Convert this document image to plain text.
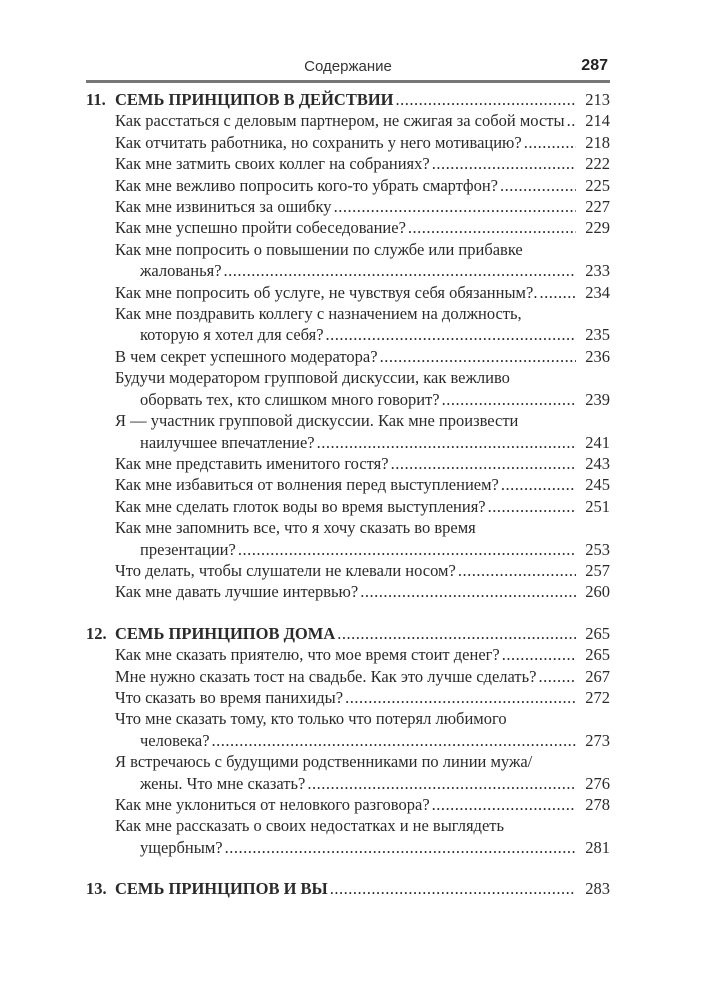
Содержание	287
11. СЕМЬ ПРИНЦИПОВ В ДЕЙСТВИИ .....	213
Как расстаться с деловым партнером, не сжигая за собой мосты .....	214
Как отчитать работника, но сохранить у него мотивацию? .....	218
Как мне затмить своих коллег на собраниях? .....	222
Как мне вежливо попросить кого-то убрать смартфон? .....	225
Как мне извиниться за ошибку .....	227
Как мне успешно пройти собеседование? .....	229
Как мне попросить о повышении по службе или прибавке
жалованья? .....	233
Как мне попросить об услуге, не чувствуя себя обязанным?. .....	234
Как мне поздравить коллегу с назначением на должность,
которую я хотел для себя? .....	235
В чем секрет успешного модератора? .....	236
Будучи модератором групповой дискуссии, как вежливо
оборвать тех, кто слишком много говорит? .....	239
Я — участник групповой дискуссии. Как мне произвести
наилучшее впечатление? .....	241
Как мне представить именитого гостя? .....	243
Как мне избавиться от волнения перед выступлением? .....	245
Как мне сделать глоток воды во время выступления? .....	251
Как мне запомнить все, что я хочу сказать во время
презентации? .....	253
Что делать, чтобы слушатели не клевали носом? .....	257
Как мне давать лучшие интервью? .....	260
12. СЕМЬ ПРИНЦИПОВ ДОМА .....	265
Как мне сказать приятелю, что мое время стоит денег? .....	265
Мне нужно сказать тост на свадьбе. Как это лучше сделать? .....	267
Что сказать во время панихиды? .....	272
Что мне сказать тому, кто только что потерял любимого
человека? .....	273
Я встречаюсь с будущими родственниками по линии мужа/
жены. Что мне сказать? .....	276
Как мне уклониться от неловкого разговора? .....	278
Как мне рассказать о своих недостатках и не выглядеть
ущербным? .....	281
13. СЕМЬ ПРИНЦИПОВ И ВЫ .....	283
